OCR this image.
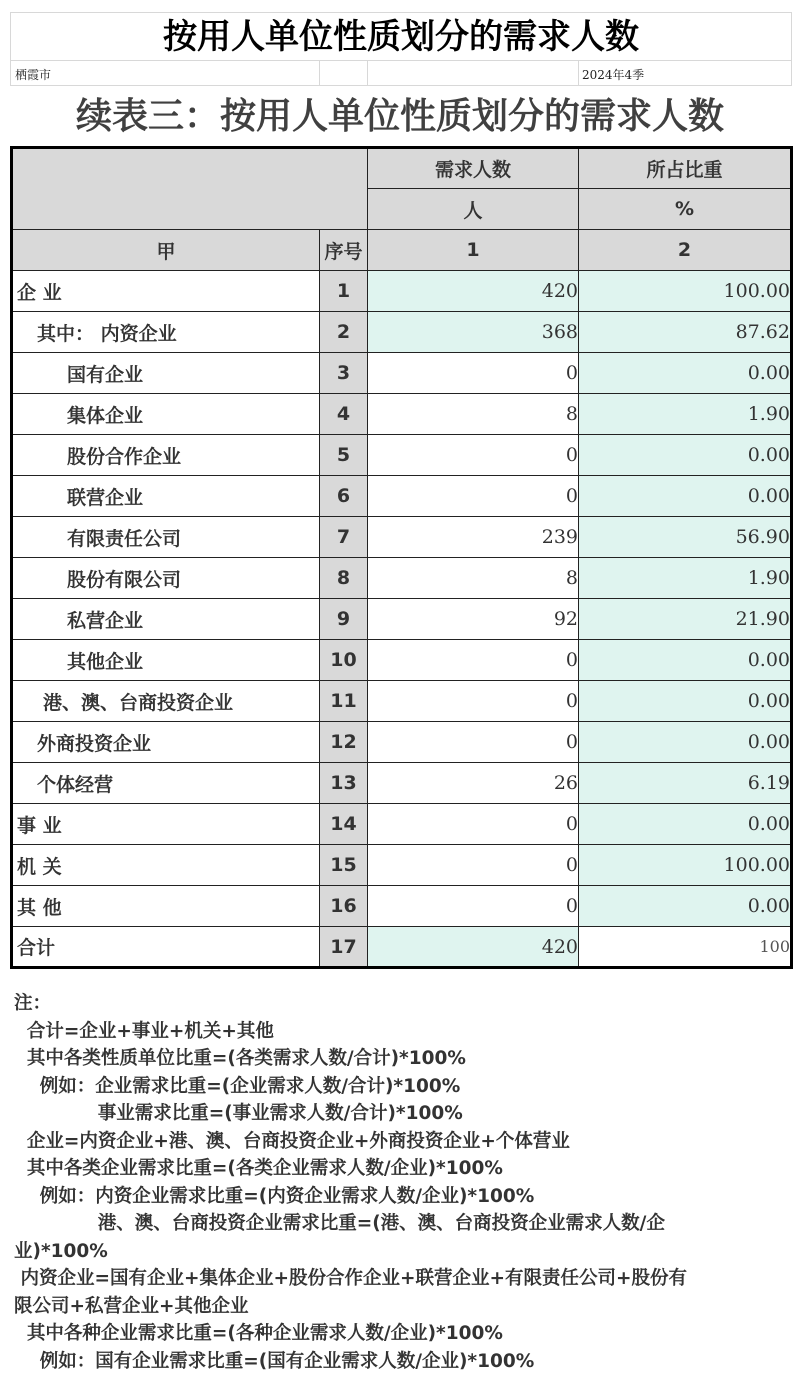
按用人单位性质划分的需求人数
栖霞市	2024年4季
续表三：按用人单位性质划分的需求人数
		需求人数	所占比重
		人	%
甲	序号	1	2
企 业	1	420	100.00
其中： 内资企业	2	368	87.62
国有企业	3	0	0.00
集体企业	4	8	1.90
股份合作企业	5	0	0.00
联营企业	6	0	0.00
有限责任公司	7	239	56.90
股份有限公司	8	8	1.90
私营企业	9	92	21.90
其他企业	10	0	0.00
港、澳、台商投资企业	11	0	0.00
外商投资企业	12	0	0.00
个体经营	13	26	6.19
事 业	14	0	0.00
机 关	15	0	100.00
其 他	16	0	0.00
合计	17	420	100
注：
合计=企业+事业+机关+其他
其中各类性质单位比重=(各类需求人数/合计)*100%
例如：企业需求比重=(企业需求人数/合计)*100%
事业需求比重=(事业需求人数/合计)*100%
企业=内资企业+港、澳、台商投资企业+外商投资企业+个体营业
其中各类企业需求比重=(各类企业需求人数/企业)*100%
例如：内资企业需求比重=(内资企业需求人数/企业)*100%
港、澳、台商投资企业需求比重=(港、澳、台商投资企业需求人数/企
业)*100%
内资企业=国有企业+集体企业+股份合作企业+联营企业+有限责任公司+股份有
限公司+私营企业+其他企业
其中各种企业需求比重=(各种企业需求人数/企业)*100%
例如：国有企业需求比重=(国有企业需求人数/企业)*100%
